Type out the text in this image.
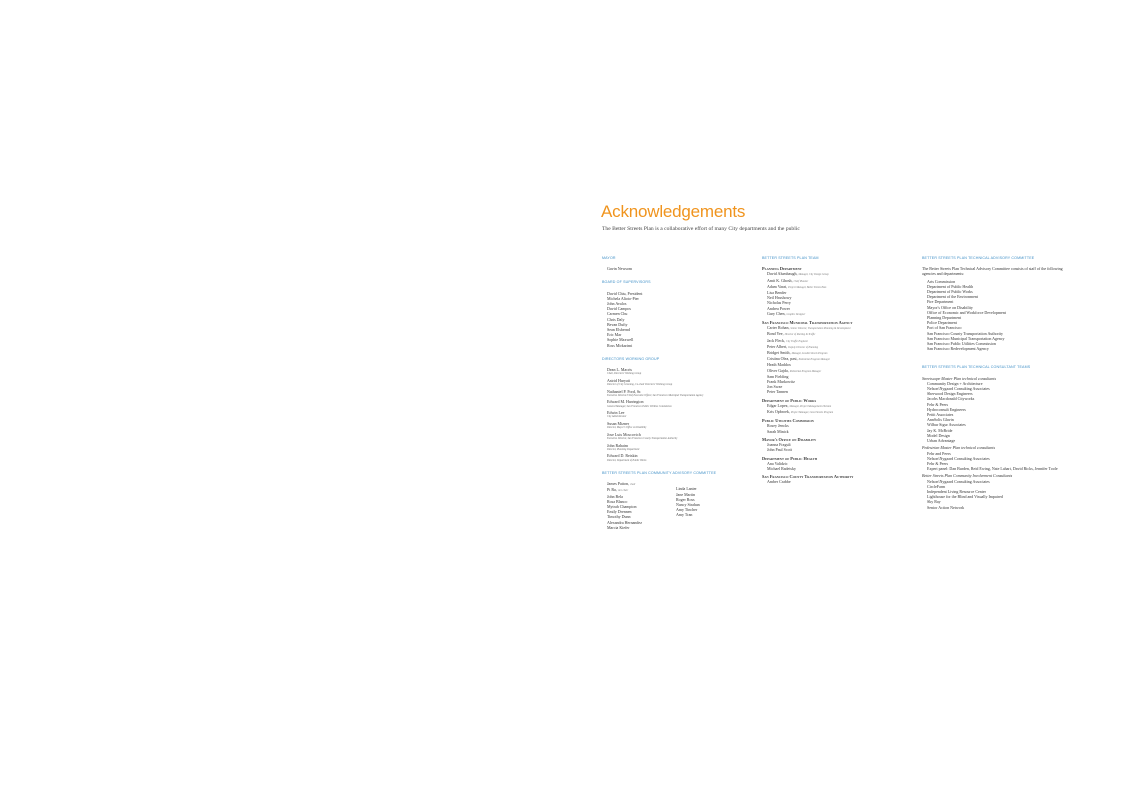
Acknowledgements
The Better Streets Plan is a collaborative effort of many City departments and the public
MAYOR
Gavin Newsom
BOARD OF SUPERVISORS
David Chiu, President
Michela Alioto-Pier
John Avalos
David Campos
Carmen Chu
Chris Daly
Bevan Dufty
Sean Elsbernd
Eric Mar
Sophie Maxwell
Ross Mirkarimi
DIRECTORS WORKING GROUP
Dean L. Macris
Chair, Directors' Working Group
Astrid Haryati
Director of City Greening, Co-chair Directors' Working Group
Nathaniel P. Ford, Sr.
Executive Director/Chief Executive Officer, San Francisco Municipal Transportation Agency
Edward M. Harrington
General Manager, San Francisco Public Utilities Commission
Edwin Lee
City Administrator
Susan Mizner
Director, Mayor's Office on Disability
Jose Luis Moscovich
Executive Director, San Francisco County Transportation Authority
John Rahaim
Director, Planning Department
Edward D. Reiskin
Director, Department of Public Works
BETTER STREETS PLAN COMMUNITY ADVISORY COMMITTEE
James Patton, chair
Pi Ra, vice chair
John Bela
Rosa Blanco
Mytrah Champion
Emily Drennen
Timothy Dunn
Alexandra Hernandez
Marcia Kiefer
Linda Lanier
Jane Martin
Roger Ross
Nancy Strahan
Amy Tincher
Amy Tran
BETTER STREETS PLAN TEAM
Planning Department
David Alumbaugh, Manager, City Design Group
Amit K. Ghosh, Chief Planner
Adam Varat, Project Manager, Better Streets Plan
Lisa Bender
Neil Hrushowy
Nicholas Perry
Andrea Power
Gary Chen, Graphic Designer
San Francisco Municipal Transportation Agency
Carter Rohan, Senior Director, Transportation Planning & Development
Bond Yee, Director of Parking & Traffic
Jack Fleck, City Traffic Engineer
Peter Albert, Deputy Director of Planning
Bridget Smith, Manager, Livable Streets Program
Cristina Olea, past, Pedestrian Program Manager
Heath Maddox
Oliver Gajda, Pedestrian Program Manager
Sam Fielding
Frank Markowitz
Jon Swae
Peter Tannen
Department of Public Works
Edgar Lopez, Manager, Project Management Division
Kris Opbroek, Project Manager, Great Streets Program
Public Utilities Commission
Rosey Jencks
Sarah Minick
Mayor's Office on Disability
Joanna Fraguli
John Paul Scott
Department of Public Health
Ana Validzic
Michael Radetsky
San Francisco County Transportation Authority
Amber Crabbe
BETTER STREETS PLAN TECHNICAL ADVISORY COMMITTEE
The Better Streets Plan Technical Advisory Committee consists of staff of the following agencies and departments:
Arts Commission
Department of Public Health
Department of Public Works
Department of the Environment
Fire Department
Mayor's Office on Disability
Office of Economic and Workforce Development
Planning Department
Police Department
Port of San Francisco
San Francisco County Transportation Authority
San Francisco Municipal Transportation Agency
San Francisco Public Utilities Commission
San Francisco Redevelopment Agency
BETTER STREETS PLAN TECHNICAL CONSULTANT TEAMS
Streetscape Master Plan technical consultants
Community Design + Architecture
Nelson\Nygaard Consulting Associates
Sherwood Design Engineers
Jacobs Macdonald Cityworks
Fehr & Peers
Hydroconsult Engineers
Pettit Associates
AnnSolis Glavin
Wilbur Sigur Associates
Jay K. McBride
Model Design
Urban Advantage
Pedestrian Master Plan technical consultants
Fehr and Peers
Nelson\Nygaard Consulting Associates
Fehr & Peers
Expert panel: Dan Burden, Reid Ewing, Nate Lahart, David Ricks, Jennifer Toole
Better Streets Plan Community Involvement Consultants
Nelson\Nygaard Consulting Associates
CircleFarm
Independent Living Resource Center
Lighthouse for the Blind and Visually Impaired
Sky Ray
Senior Action Network
